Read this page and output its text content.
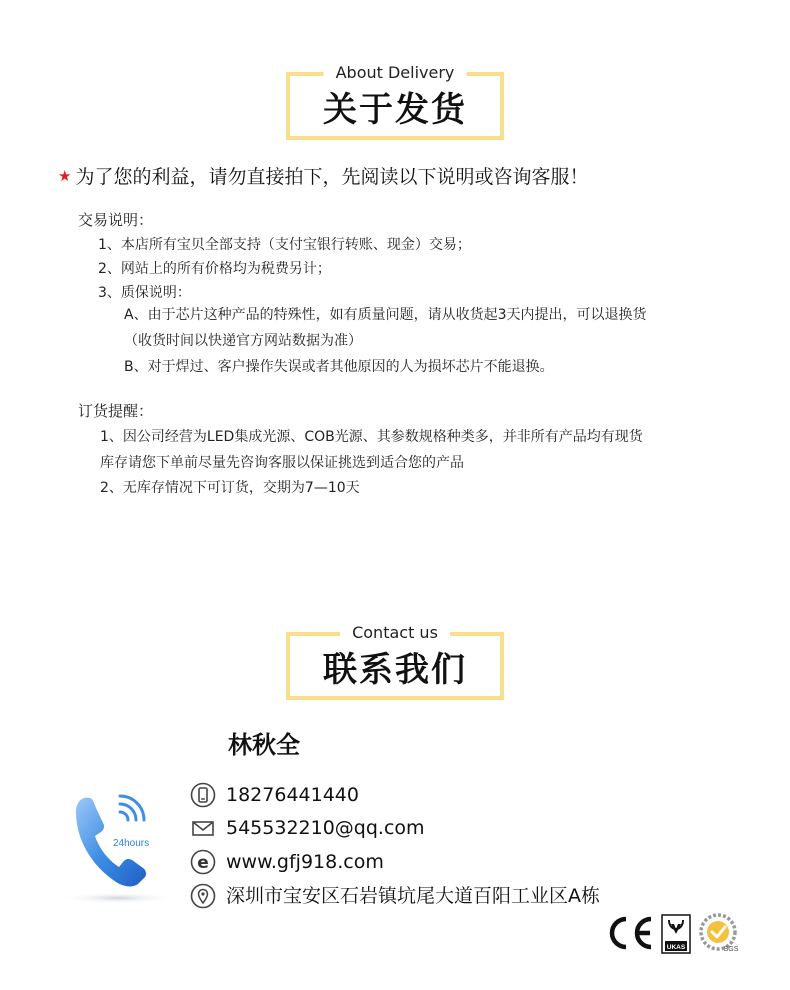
About Delivery
关于发货
★ 为了您的利益，请勿直接拍下，先阅读以下说明或咨询客服！
交易说明：
1、本店所有宝贝全部支持（支付宝银行转账、现金）交易；
2、网站上的所有价格均为税费另计；
3、质保说明：
A、由于芯片这种产品的特殊性，如有质量问题，请从收货起3天内提出，可以退换货
（收货时间以快递官方网站数据为准）
B、对于焊过、客户操作失误或者其他原因的人为损坏芯片不能退换。
订货提醒：
1、因公司经营为LED集成光源、COB光源、其参数规格种类多，并非所有产品均有现货
库存请您下单前尽量先咨询客服以保证挑选到适合您的产品
2、无库存情况下可订货，交期为7—10天
Contact us
联系我们
林秋全
24hours
18276441440
545532210@qq.com
e www.gfj918.com
深圳市宝安区石岩镇坑尾大道百阳工业区A栋
UKAS	SGS
